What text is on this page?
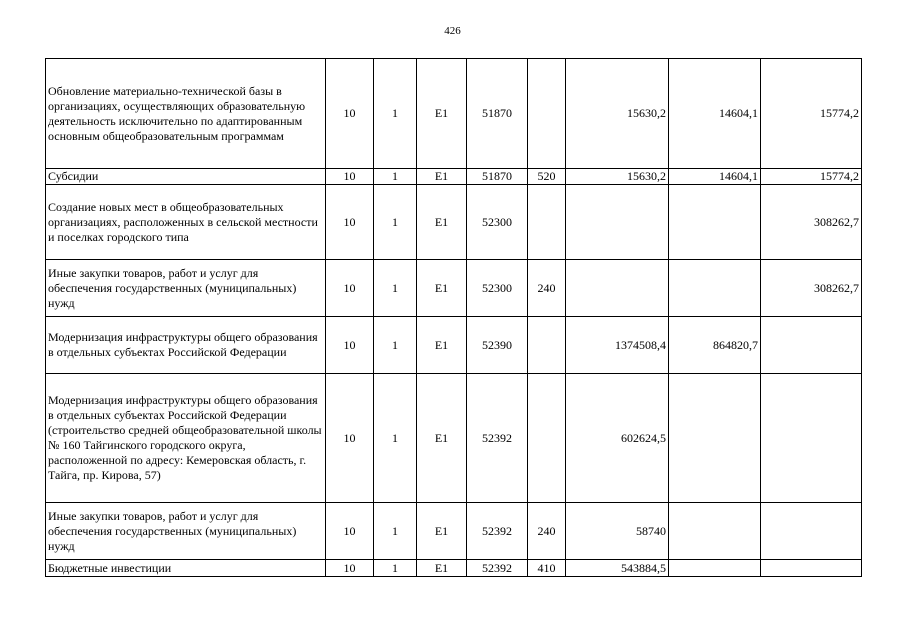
426
Обновление материально-технической базы в организациях, осуществляющих образовательную деятельность исключительно по адаптированным основным общеобразовательным программам	10	1	Е1	51870		15630,2	14604,1	15774,2
Субсидии	10	1	Е1	51870	520	15630,2	14604,1	15774,2
Создание новых мест в общеобразовательных организациях, расположенных в сельской местности и поселках городского типа	10	1	Е1	52300				308262,7
Иные закупки товаров, работ и услуг для обеспечения государственных (муниципальных) нужд	10	1	Е1	52300	240			308262,7
Модернизация инфраструктуры общего образования в отдельных субъектах Российской Федерации	10	1	Е1	52390		1374508,4	864820,7	
Модернизация инфраструктуры общего образования в отдельных субъектах Российской Федерации (строительство средней общеобразовательной школы № 160 Тайгинского городского округа, расположенной по адресу: Кемеровская область, г. Тайга, пр. Кирова, 57)	10	1	Е1	52392		602624,5		
Иные закупки товаров, работ и услуг для обеспечения государственных (муниципальных) нужд	10	1	Е1	52392	240	58740		
Бюджетные инвестиции	10	1	Е1	52392	410	543884,5		
